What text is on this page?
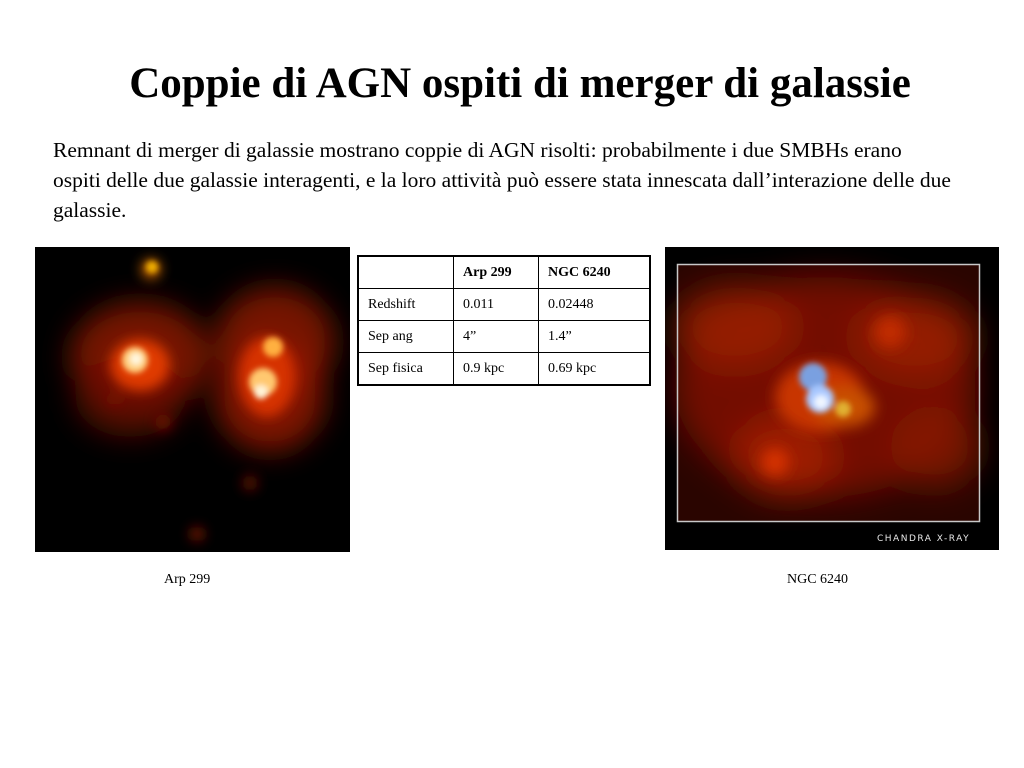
Coppie di AGN ospiti di merger di galassie
Remnant di merger di galassie mostrano coppie di AGN risolti: probabilmente i due SMBHs erano ospiti delle due galassie interagenti, e la loro attività può essere stata innescata dall’interazione delle due galassie.
	Arp 299	NGC 6240
Redshift	0.011	0.02448
Sep ang	4”	1.4”
Sep fisica	0.9 kpc	0.69 kpc
CHANDRA X-RAY
Arp 299	NGC 6240
